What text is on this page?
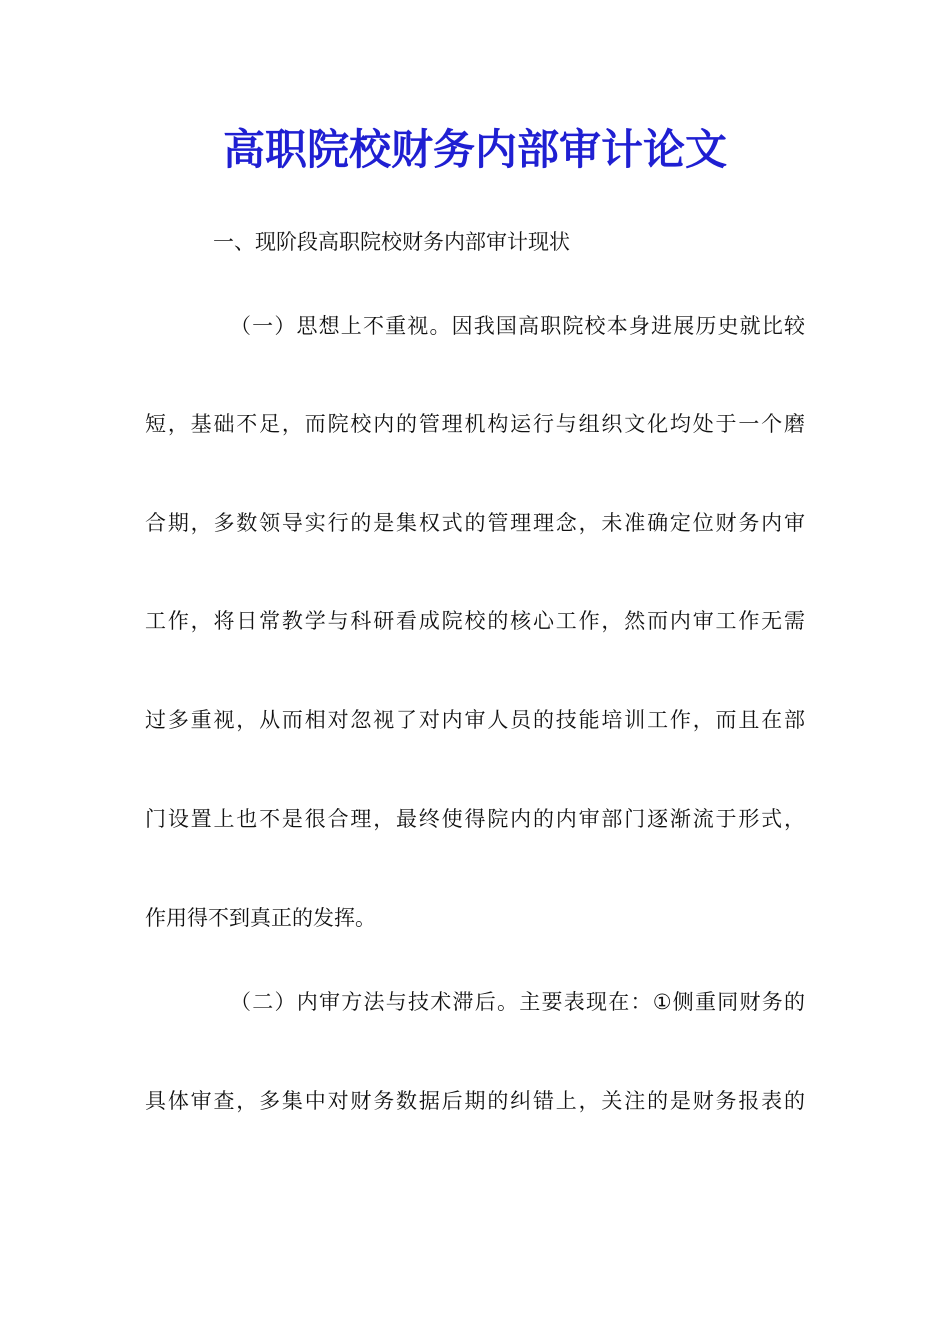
高职院校财务内部审计论文
一、现阶段高职院校财务内部审计现状
（一）思想上不重视。因我国高职院校本身进展历史就比较
短，基础不足，而院校内的管理机构运行与组织文化均处于一个磨
合期，多数领导实行的是集权式的管理理念，未准确定位财务内审
工作，将日常教学与科研看成院校的核心工作，然而内审工作无需
过多重视，从而相对忽视了对内审人员的技能培训工作，而且在部
门设置上也不是很合理，最终使得院内的内审部门逐渐流于形式，
作用得不到真正的发挥。
（二）内审方法与技术滞后。主要表现在：①侧重同财务的
具体审查，多集中对财务数据后期的纠错上，关注的是财务报表的
